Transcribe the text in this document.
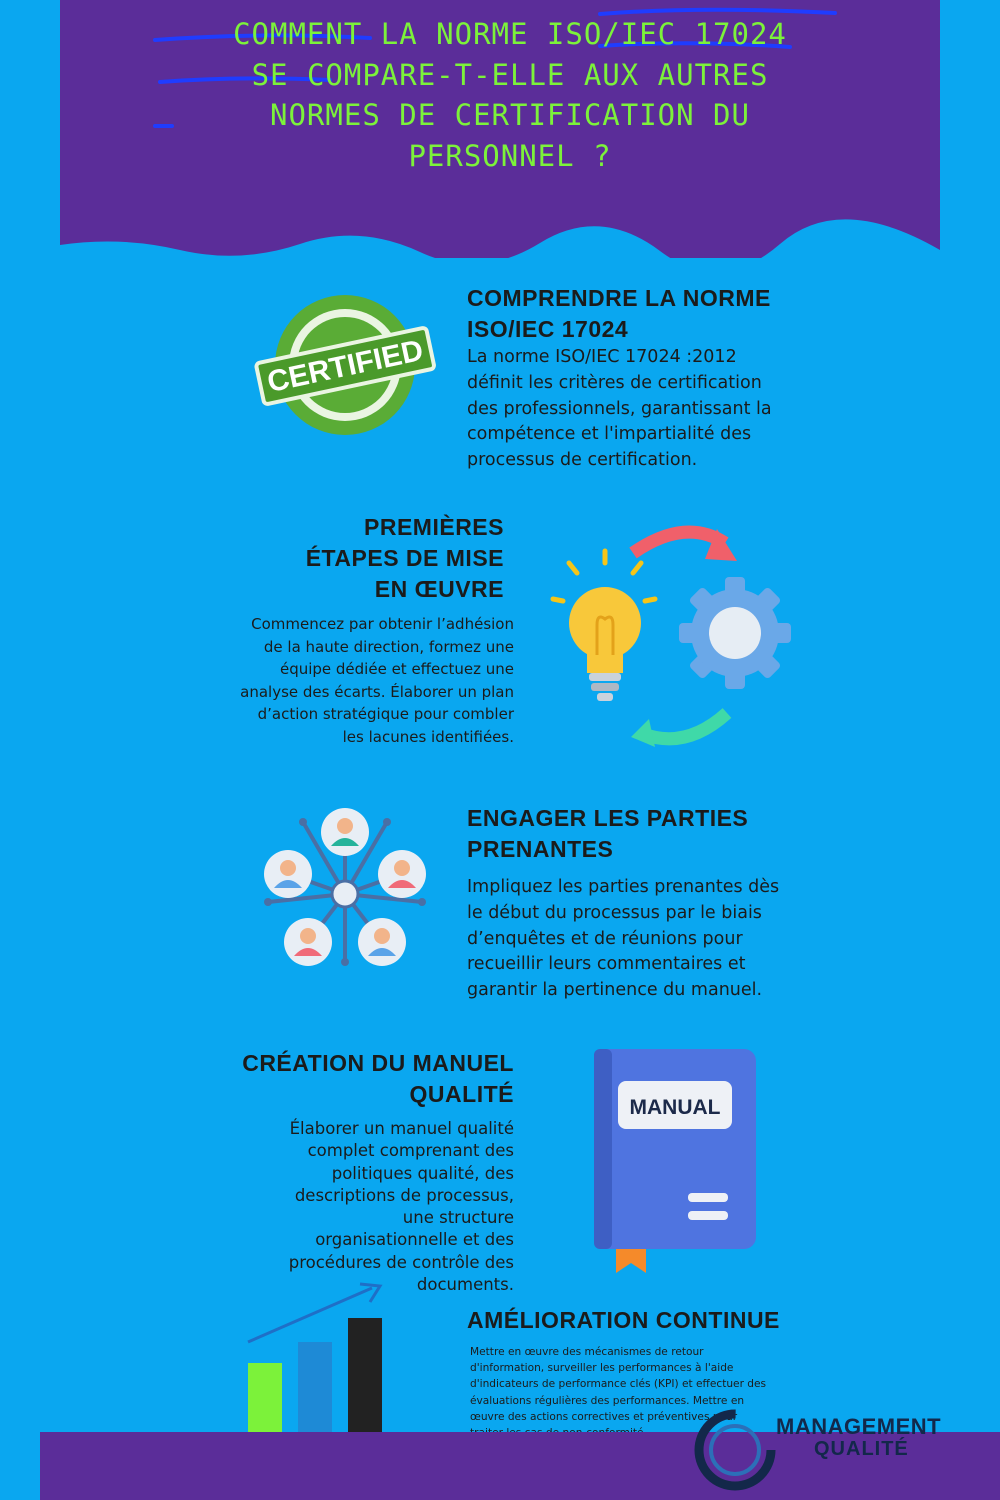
COMMENT LA NORME ISO/IEC 17024 SE COMPARE-T-ELLE AUX AUTRES NORMES DE CERTIFICATION DU PERSONNEL ?
CERTIFIED
COMPRENDRE LA NORME ISO/IEC 17024

La norme ISO/IEC 17024 :2012 définit les critères de certification des professionnels, garantissant la compétence et l'impartialité des processus de certification.

PREMIÈRES ÉTAPES DE MISE EN ŒUVRE

Commencez par obtenir l’adhésion de la haute direction, formez une équipe dédiée et effectuez une analyse des écarts. Élaborer un plan d’action stratégique pour combler les lacunes identifiées.

ENGAGER LES PARTIES PRENANTES

Impliquez les parties prenantes dès le début du processus par le biais d’enquêtes et de réunions pour recueillir leurs commentaires et garantir la pertinence du manuel.

CRÉATION DU MANUEL QUALITÉ

Élaborer un manuel qualité complet comprenant des politiques qualité, des descriptions de processus, une structure organisationnelle et des procédures de contrôle des documents.

MANUAL
AMÉLIORATION CONTINUE

Mettre en œuvre des mécanismes de retour d'information, surveiller les performances à l'aide d'indicateurs de performance clés (KPI) et effectuer des évaluations régulières des performances. Mettre en œuvre des actions correctives et préventives pour	MANAGEMENT
QUALITÉ
